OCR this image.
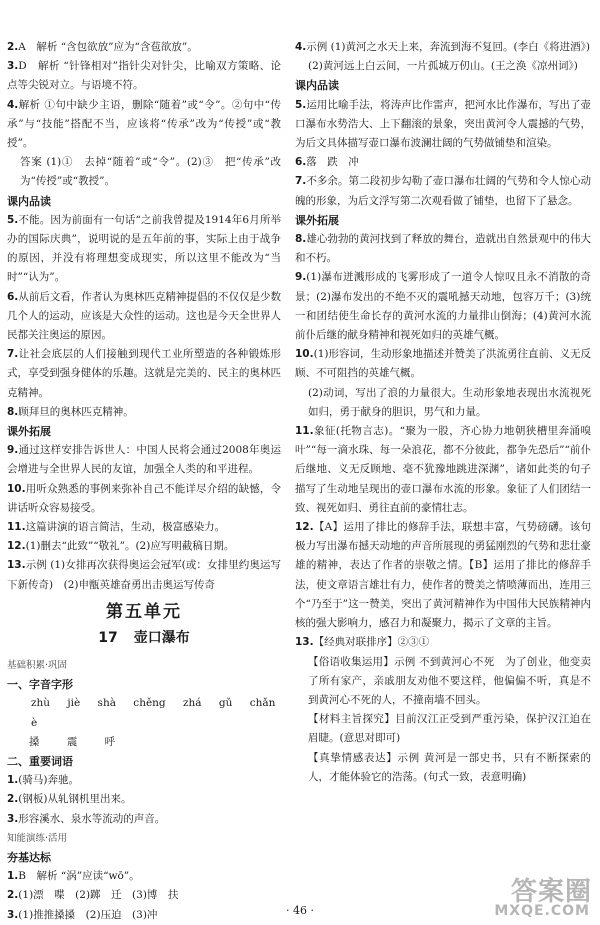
2.A　解析 “含包欲放”应为“含苞欲放”。

3.D　解析 “针锋相对”指针尖对针尖，比喻双方策略、论点等尖锐对立。与语境不符。

4.解析 ①句中缺少主语，删除“随着”或“令”。②句中“传承”与“技能”搭配不当，应该将“传承”改为“传授”或“教授”。

答案 (1)①　去掉“随着”或“令”。(2)③　把“传承”改为“传授”或“教授”。

课内品读

5.不能。因为前面有一句话“之前我曾提及1914年6月所举办的国际庆典”，说明说的是五年前的事，实际上由于战争的原因，并没有将理想变成现实，所以这里不能改为“当时”“认为”。

6.从前后文看，作者认为奥林匹克精神提倡的不仅仅是少数几个人的运动，应该是大众性的运动。这也是今天全世界人民都关注奥运的原因。

7.让社会底层的人们接触到现代工业所塑造的各种锻炼形式，享受到强身健体的乐趣。这就是完美的、民主的奥林匹克精神。

8.顾拜旦的奥林匹克精神。

课外拓展

9.通过这样安排告诉世人：中国人民将会通过2008年奥运会增进与全世界人民的友谊，加强全人类的和平进程。

10.用听众熟悉的事例来弥补自己不能详尽介绍的缺憾，令讲话听众容易接受。

11.这篇讲演的语言简洁，生动，极富感染力。

12.(1)删去“此致”“敬礼”。(2)应写明截稿日期。

13.示例 (1)女排再次获得奥运会冠军(或：女排里约奥运写下新传奇)　(2)申甑英雄奋勇出击奥运写传奇

第五单元
17 壶口瀑布

基础积累·巩固

一、字音字形

zhù jiè shà chěng zhá gǔ chǎn è

搡 震 呼

二、重要词语

1.(骑马)奔驰。

2.(钢板)从轧钢机里出来。

3.形容溪水、泉水等流动的声音。

知能演练·活用

夯基达标

1.B　解析 “涡”应读“wō”。

2.(1)漂　喋　(2)踯　迁　(3)博　扶

3.(1)推推搡搡　(2)压迫　(3)冲

4.示例 (1)黄河之水天上来，奔流到海不复回。(李白《将进酒》)

(2)黄河远上白云间，一片孤城万仞山。(王之涣《凉州词》)

课内品读

5.运用比喻手法，将涛声比作雷声，把河水比作瀑布，写出了壶口瀑布水势浩大、上下翻滚的景象，突出黄河令人震撼的气势，为后文具体描写壶口瀑布波澜壮阔的气势做铺垫和渲染。

6.落　跌　冲

7.不多余。第二段初步勾勒了壶口瀑布壮阔的气势和令人惊心动魄的形象，为后文浮写第二次观看做了铺垫，也留下了悬念。

课外拓展

8.雄心勃勃的黄河找到了释放的舞台，造就出自然景观中的伟大和不朽。

9.(1)瀑布迸溅形成的飞雾形成了一道令人惊叹且永不消散的奇景；(2)瀑布发出的不绝不灭的震吼撼天动地，包容万千；(3)统一和团结使生命长存的黄河水流的力量排山倒海；(4)黄河水流前仆后继的献身精神和视死如归的英雄气概。

10.(1)形容词，生动形象地描述并赞美了洪流勇往直前、义无反顾、不可阻挡的英雄气概。

(2)动词，写出了浪的力量很大。生动形象地表现出水流视死如归，勇于献身的胆识，男气和力量。

11.象征(托物言志)。“聚为一股，齐心协力地朝狭槽里奔涌嗅叶”“每一滴水珠、每一朵浪花，都不分彼此，都争先恐后”“前仆后继地、义无反顾地、毫不犹豫地跳进深渊”，诸如此类的句子描写了生动地呈现出的壶口瀑布水流的形象。象征了人们团结一致、视死如归、勇往直前的豪情壮志。

12.【A】运用了排比的修辞手法，联想丰富，气势磅礴。该句极力写出瀑布撼天动地的声音所展现的勇猛刚烈的气势和悲壮豪雄的精神，表达了作者的崇敬之情。【B】运用了排比的修辞手法，使文章语言雄壮有力，使作者的赞美之情喷薄而出，连用三个“乃至于”这一赞美，突出了黄河精神作为中国伟大民族精神内核的强大影响力，感召力和凝聚力，揭示了文章的主旨。

13.【经典对联排序】②③①

【俗语收集运用】示例 不到黄河心不死　为了创业，他变卖了所有家产，亲戚朋友劝他不要这样，他偏偏不听，真是不到黄河心不死的人，不撞南墙不回头。

【材料主旨探究】目前汉江正受到严重污染，保护汉江迫在眉睫。(意思对即可)

【真挚情感表达】示例 黄河是一部史书，只有不断探索的人，才能体验它的浩荡。(句式一致，表意明确)

· 46 ·
答案圈
MXQE.COM
